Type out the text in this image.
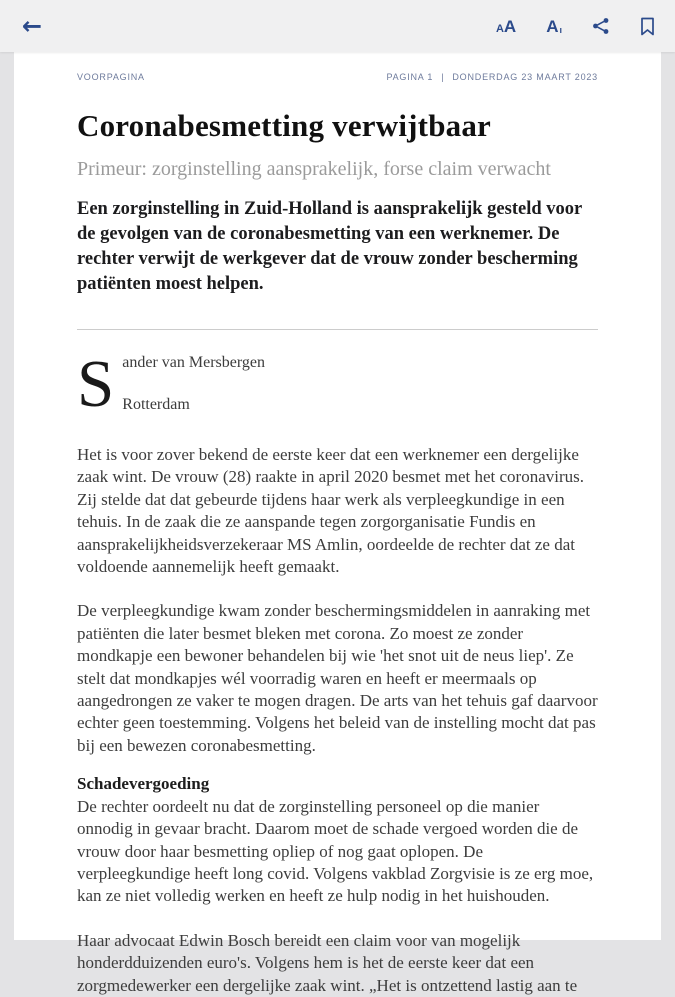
←	A A A ı
VOORPAGINA	PAGINA 1 | DONDERDAG 23 MAART 2023
Coronabesmetting verwijtbaar
Primeur: zorginstelling aansprakelijk, forse claim verwacht

Een zorginstelling in Zuid-Holland is aansprakelijk gesteld voor de gevolgen van de coronabesmetting van een werknemer. De rechter verwijt de werkgever dat de vrouw zonder bescherming patiënten moest helpen.

S ander van Mersbergen
Rotterdam

Het is voor zover bekend de eerste keer dat een werknemer een dergelijke zaak wint. De vrouw (28) raakte in april 2020 besmet met het coronavirus. Zij stelde dat dat gebeurde tijdens haar werk als verpleegkundige in een tehuis. In de zaak die ze aanspande tegen zorgorganisatie Fundis en aansprakelijkheidsverzekeraar MS Amlin, oordeelde de rechter dat ze dat voldoende aannemelijk heeft gemaakt.

De verpleegkundige kwam zonder beschermingsmiddelen in aanraking met patiënten die later besmet bleken met corona. Zo moest ze zonder mondkapje een bewoner behandelen bij wie 'het snot uit de neus liep'. Ze stelt dat mondkapjes wél voorradig waren en heeft er meermaals op aangedrongen ze vaker te mogen dragen. De arts van het tehuis gaf daarvoor echter geen toestemming. Volgens het beleid van de instelling mocht dat pas bij een bewezen coronabesmetting.

Schadevergoeding

De rechter oordeelt nu dat de zorginstelling personeel op die manier onnodig in gevaar bracht. Daarom moet de schade vergoed worden die de vrouw door haar besmetting opliep of nog gaat oplopen. De verpleegkundige heeft long covid. Volgens vakblad Zorgvisie is ze erg moe, kan ze niet volledig werken en heeft ze hulp nodig in het huishouden.

Haar advocaat Edwin Bosch bereidt een claim voor van mogelijk honderdduizenden euro's. Volgens hem is het de eerste keer dat een zorgmedewerker een dergelijke zaak wint. „Het is ontzettend lastig aan te
